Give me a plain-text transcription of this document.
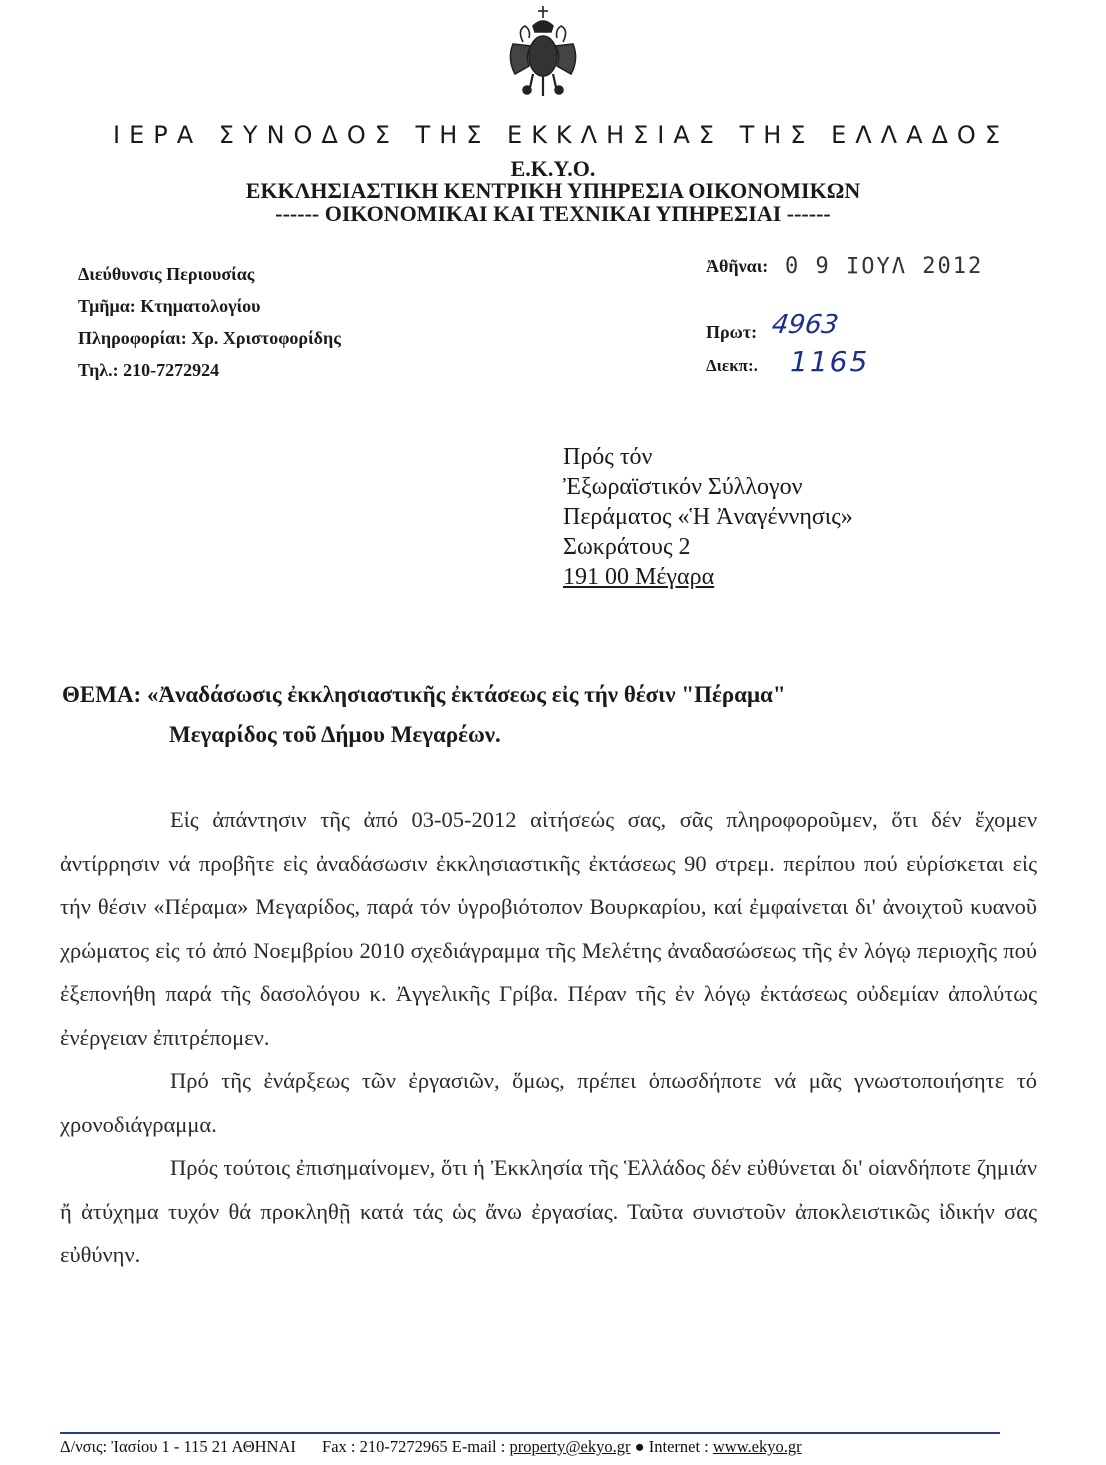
ΙΕΡΑ ΣΥΝΟΔΟΣ ΤΗΣ ΕΚΚΛΗΣΙΑΣ ΤΗΣ ΕΛΛΑΔΟΣ
Ε.Κ.Υ.Ο.
ΕΚΚΛΗΣΙΑΣΤΙΚΗ ΚΕΝΤΡΙΚΗ ΥΠΗΡΕΣΙΑ ΟΙΚΟΝΟΜΙΚΩΝ
------ ΟΙΚΟΝΟΜΙΚΑΙ ΚΑΙ ΤΕΧΝΙΚΑΙ ΥΠΗΡΕΣΙΑΙ ------
Διεύθυνσις Περιουσίας
Τμῆμα: Κτηματολογίου
Πληροφορίαι: Χρ. Χριστοφορίδης
Τηλ.: 210-7272924
Ἀθῆναι: 0 9 ΙΟΥΛ 2012
Πρωτ: 4963
Διεκπ:. 1165
Πρός τόν
Ἐξωραϊστικόν Σύλλογον
Περάματος «Ἡ Ἀναγέννησις»
Σωκράτους 2
191 00 Μέγαρα
ΘΕΜΑ: «Ἀναδάσωσις ἐκκλησιαστικῆς ἐκτάσεως εἰς τήν θέσιν "Πέραμα"
Μεγαρίδος τοῦ Δήμου Μεγαρέων.

Εἰς ἀπάντησιν τῆς ἀπό 03-05-2012 αἰτήσεώς σας, σᾶς πληροφοροῦμεν, ὅτι δέν ἔχομεν ἀντίρρησιν νά προβῆτε εἰς ἀναδάσωσιν ἐκκλησιαστικῆς ἐκτάσεως 90 στρεμ. περίπου πού εὑρίσκεται εἰς τήν θέσιν «Πέραμα» Μεγαρίδος, παρά τόν ὑγροβιότοπον Βουρκαρίου, καί ἐμφαίνεται δι' ἀνοιχτοῦ κυανοῦ χρώματος εἰς τό ἀπό Νοεμβρίου 2010 σχεδιάγραμμα τῆς Μελέτης ἀναδασώσεως τῆς ἐν λόγῳ περιοχῆς πού ἐξεπονήθη παρά τῆς δασολόγου κ. Ἀγγελικῆς Γρίβα. Πέραν τῆς ἐν λόγῳ ἐκτάσεως οὐδεμίαν ἀπολύτως ἐνέργειαν ἐπιτρέπομεν.

Πρό τῆς ἐνάρξεως τῶν ἐργασιῶν, ὅμως, πρέπει ὁπωσδήποτε νά μᾶς γνωστοποιήσητε τό χρονοδιάγραμμα.

Πρός τούτοις ἐπισημαίνομεν, ὅτι ἡ Ἐκκλησία τῆς Ἑλλάδος δέν εὐθύνεται δι' οἱανδήποτε ζημιάν ἤ ἀτύχημα τυχόν θά προκληθῇ κατά τάς ὡς ἄνω ἐργασίας. Ταῦτα συνιστοῦν ἀποκλειστικῶς ἰδικήν σας εὐθύνην.

Δ/νσις: Ἰασίου 1 - 115 21 ΑΘΗΝΑΙ Fax : 210-7272965 E-mail : property@ekyo.gr ● Internet : www.ekyo.gr
